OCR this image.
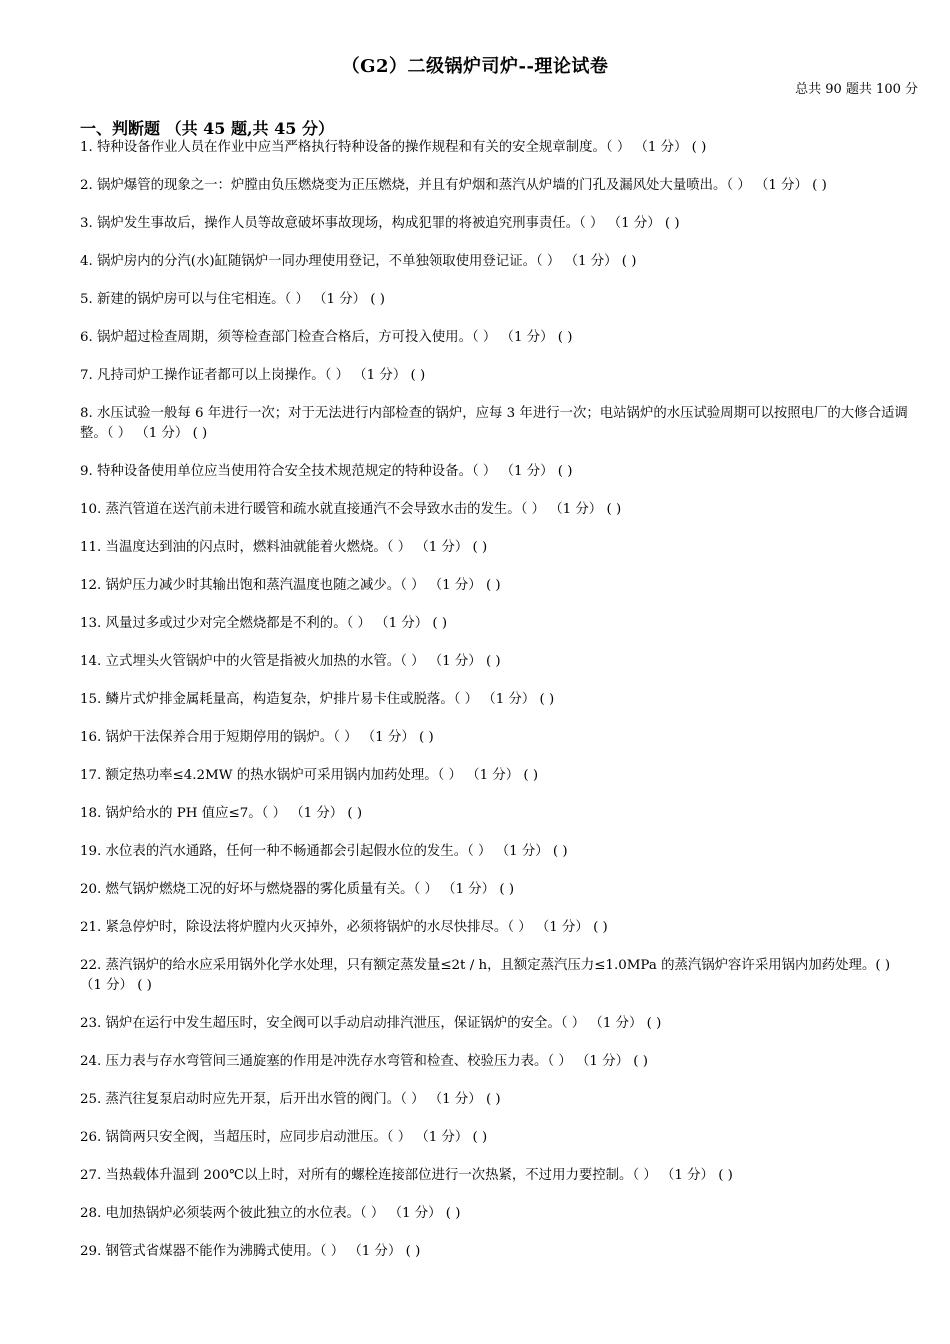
（G2）二级锅炉司炉--理论试卷
总共 90 题共 100 分
一、判断题 （共 45 题,共 45 分）

1. 特种设备作业人员在作业中应当严格执行特种设备的操作规程和有关的安全规章制度。（ ） （1 分） ( )

2. 锅炉爆管的现象之一：炉膛由负压燃烧变为正压燃烧，并且有炉烟和蒸汽从炉墙的门孔及漏风处大量喷出。（ ） （1 分） ( )

3. 锅炉发生事故后，操作人员等故意破坏事故现场，构成犯罪的将被追究刑事责任。（ ） （1 分） ( )

4. 锅炉房内的分汽(水)缸随锅炉一同办理使用登记，不单独领取使用登记证。（ ） （1 分） ( )

5. 新建的锅炉房可以与住宅相连。（ ） （1 分） ( )

6. 锅炉超过检查周期，须等检查部门检查合格后，方可投入使用。（ ） （1 分） ( )

7. 凡持司炉工操作证者都可以上岗操作。（ ） （1 分） ( )

8. 水压试验一般每 6 年进行一次；对于无法进行内部检查的锅炉，应每 3 年进行一次；电站锅炉的水压试验周期可以按照电厂的大修合适调整。（ ） （1 分） ( )

9. 特种设备使用单位应当使用符合安全技术规范规定的特种设备。（ ） （1 分） ( )

10. 蒸汽管道在送汽前未进行暖管和疏水就直接通汽不会导致水击的发生。（ ） （1 分） ( )

11. 当温度达到油的闪点时，燃料油就能着火燃烧。（ ） （1 分） ( )

12. 锅炉压力减少时其输出饱和蒸汽温度也随之减少。（ ） （1 分） ( )

13. 风量过多或过少对完全燃烧都是不利的。（ ） （1 分） ( )

14. 立式埋头火管锅炉中的火管是指被火加热的水管。（ ） （1 分） ( )

15. 鳞片式炉排金属耗量高，构造复杂，炉排片易卡住或脱落。（ ） （1 分） ( )

16. 锅炉干法保养合用于短期停用的锅炉。（ ） （1 分） ( )

17. 额定热功率≤4.2MW 的热水锅炉可采用锅内加药处理。（ ） （1 分） ( )

18. 锅炉给水的 PH 值应≤7。（ ） （1 分） ( )

19. 水位表的汽水通路，任何一种不畅通都会引起假水位的发生。（ ） （1 分） ( )

20. 燃气锅炉燃烧工况的好坏与燃烧器的雾化质量有关。（ ） （1 分） ( )

21. 紧急停炉时，除设法将炉膛内火灭掉外，必须将锅炉的水尽快排尽。（ ） （1 分） ( )

22. 蒸汽锅炉的给水应采用锅外化学水处理，只有额定蒸发量≤2t / h，且额定蒸汽压力≤1.0MPa 的蒸汽锅炉容许采用锅内加药处理。( ) （1 分） ( )

23. 锅炉在运行中发生超压时，安全阀可以手动启动排汽泄压，保证锅炉的安全。（ ） （1 分） ( )

24. 压力表与存水弯管间三通旋塞的作用是冲洗存水弯管和检查、校验压力表。（ ） （1 分） ( )

25. 蒸汽往复泵启动时应先开泵，后开出水管的阀门。（ ） （1 分） ( )

26. 锅筒两只安全阀，当超压时，应同步启动泄压。（ ） （1 分） ( )

27. 当热载体升温到 200℃以上时，对所有的螺栓连接部位进行一次热紧，不过用力要控制。（ ） （1 分） ( )

28. 电加热锅炉必须装两个彼此独立的水位表。（ ） （1 分） ( )

29. 钢管式省煤器不能作为沸腾式使用。（ ） （1 分） ( )
